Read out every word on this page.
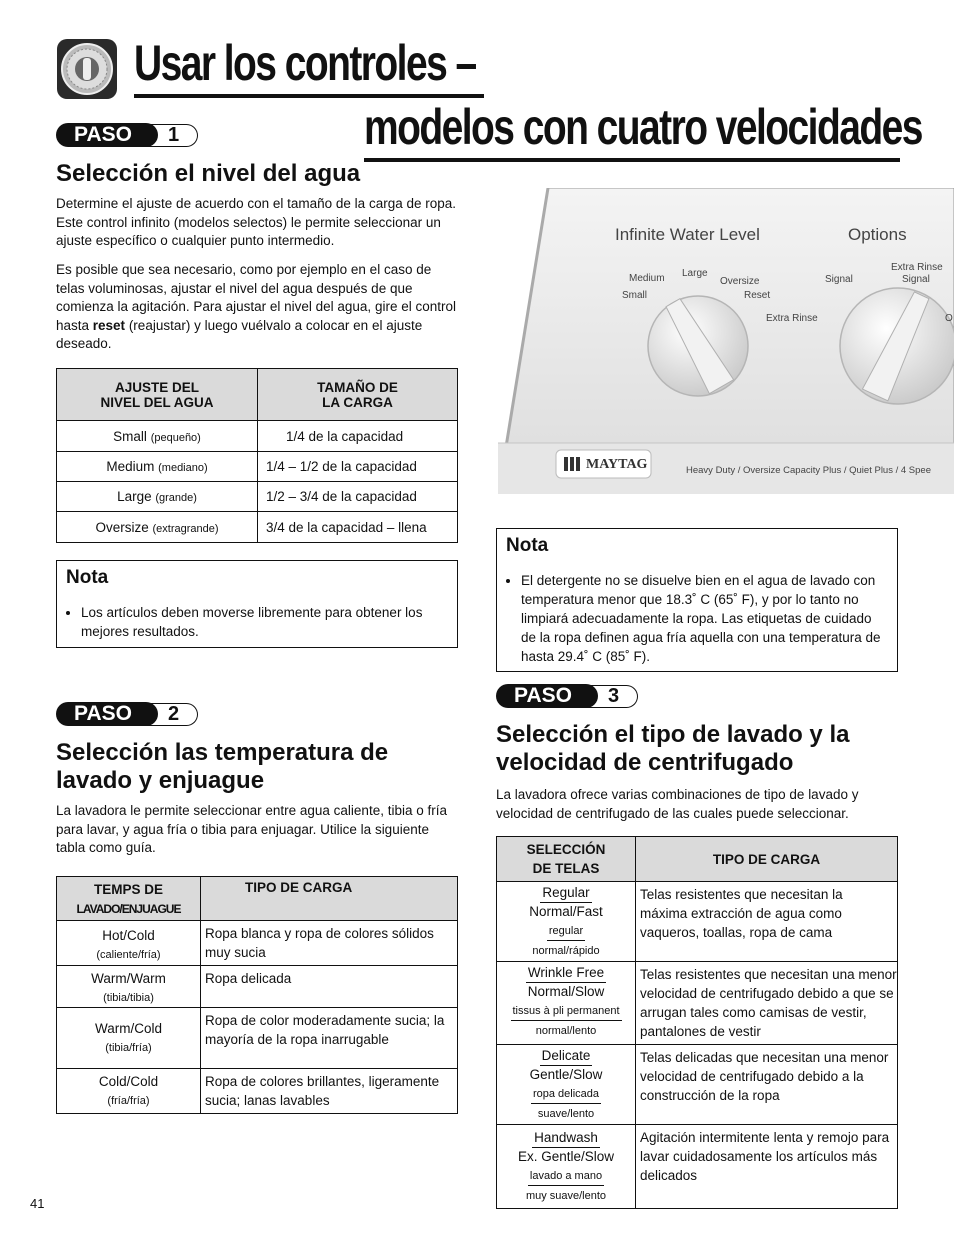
Usar los controles –
modelos con cuatro velocidades
PASO	1
Selección el nivel del agua

Determine el ajuste de acuerdo con el tamaño de la carga de ropa. Este control infinito (modelos selectos) le permite seleccionar un ajuste específico o cualquier punto intermedio.

Es posible que sea necesario, como por ejemplo en el caso de telas voluminosas, ajustar el nivel del agua después de que comienza la agitación. Para ajustar el nivel del agua, gire el control hasta reset (reajustar) y luego vuélvalo a colocar en el ajuste deseado.

AJUSTE DEL
NIVEL DEL AGUA	TAMAÑO DE
LA CARGA
Small (pequeño)	1/4 de la capacidad
Medium (mediano)	1/4 – 1/2 de la capacidad
Large (grande)	1/2 – 3/4 de la capacidad
Oversize (extragrande)	3/4 de la capacidad – llena
Nota
• Los artículos deben moverse libremente para obtener los mejores resultados.
Infinite Water Level	Options
Medium
Small
Large
Oversize
Reset
Extra Rinse
Signal
Extra Rinse
Signal
O
MAYTAG	Heavy Duty / Oversize Capacity Plus / Quiet Plus / 4 Spee
Nota
• El detergente no se disuelve bien en el agua de lavado con temperatura menor que 18.3˚ C (65˚ F), y por lo tanto no limpiará adecuadamente la ropa. Las etiquetas de cuidado de la ropa definen agua fría aquella con una temperatura de hasta 29.4˚ C (85˚ F).
PASO	2
Selección las temperatura de
lavado y enjuague

La lavadora le permite seleccionar entre agua caliente, tibia o fría para lavar, y agua fría o tibia para enjuagar. Utilice la siguiente tabla como guía.

TEMPS DE
LAVADO/ENJUAGUE	TIPO DE CARGA
Hot/Cold
(caliente/fría)	Ropa blanca y ropa de colores sólidos muy sucia
Warm/Warm
(tibia/tibia)	Ropa delicada
Warm/Cold
(tibia/fría)	Ropa de color moderadamente sucia; la mayoría de la ropa inarrugable
Cold/Cold
(fría/fría)	Ropa de colores brillantes, ligeramente sucia; lanas lavables
PASO	3
Selección el tipo de lavado y la
velocidad de centrifugado

La lavadora ofrece varias combinaciones de tipo de lavado y velocidad de centrifugado de las cuales puede seleccionar.

SELECCIÓN
DE TELAS	TIPO DE CARGA
Regular
Normal/Fast
regular
normal/rápido	Telas resistentes que necesitan la máxima extracción de agua como vaqueros, toallas, ropa de cama
Wrinkle Free
Normal/Slow
tissus à pli permanent
normal/lento	Telas resistentes que necesitan una menor velocidad de centrifugado debido a que se arrugan tales como camisas de vestir, pantalones de vestir

Delicate
Gentle/Slow
ropa delicada
suave/lento	Telas delicadas que necesitan una menor velocidad de centrifugado debido a la construcción de la ropa
Handwash
Ex. Gentle/Slow
lavado a mano
muy suave/lento	Agitación intermitente lenta y remojo para lavar cuidadosamente los artículos más delicados
41
